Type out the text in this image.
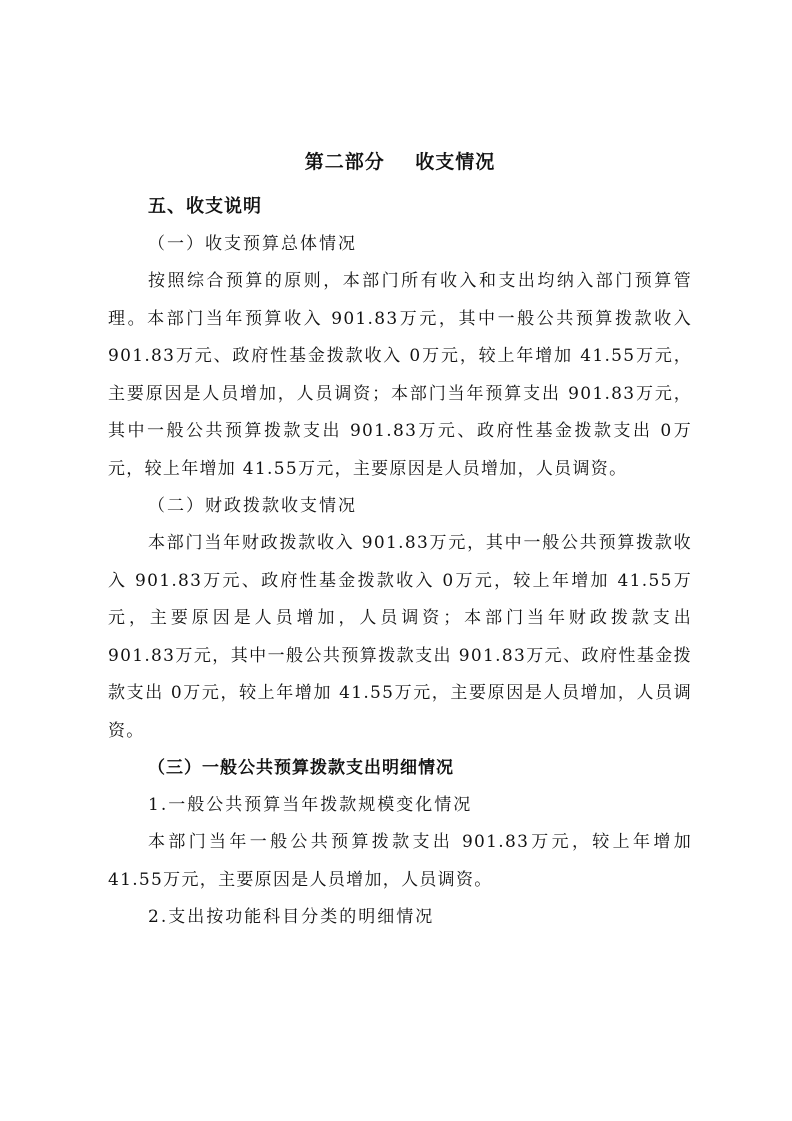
第二部分    收支情况
五、收支说明
（一）收支预算总体情况

按照综合预算的原则，本部门所有收入和支出均纳入部门预算管理。本部门当年预算收入 901.83万元，其中一般公共预算拨款收入 901.83万元、政府性基金拨款收入 0万元，较上年增加 41.55万元，主要原因是人员增加，人员调资；本部门当年预算支出 901.83万元，其中一般公共预算拨款支出 901.83万元、政府性基金拨款支出 0万元，较上年增加 41.55万元，主要原因是人员增加，人员调资。

（二）财政拨款收支情况

本部门当年财政拨款收入 901.83万元，其中一般公共预算拨款收入 901.83万元、政府性基金拨款收入 0万元，较上年增加 41.55万元，主要原因是人员增加，人员调资；本部门当年财政拨款支出 901.83万元，其中一般公共预算拨款支出 901.83万元、政府性基金拨款支出 0万元，较上年增加 41.55万元，主要原因是人员增加，人员调资。

（三）一般公共预算拨款支出明细情况
1.一般公共预算当年拨款规模变化情况

本部门当年一般公共预算拨款支出 901.83万元，较上年增加 41.55万元，主要原因是人员增加，人员调资。

2.支出按功能科目分类的明细情况
